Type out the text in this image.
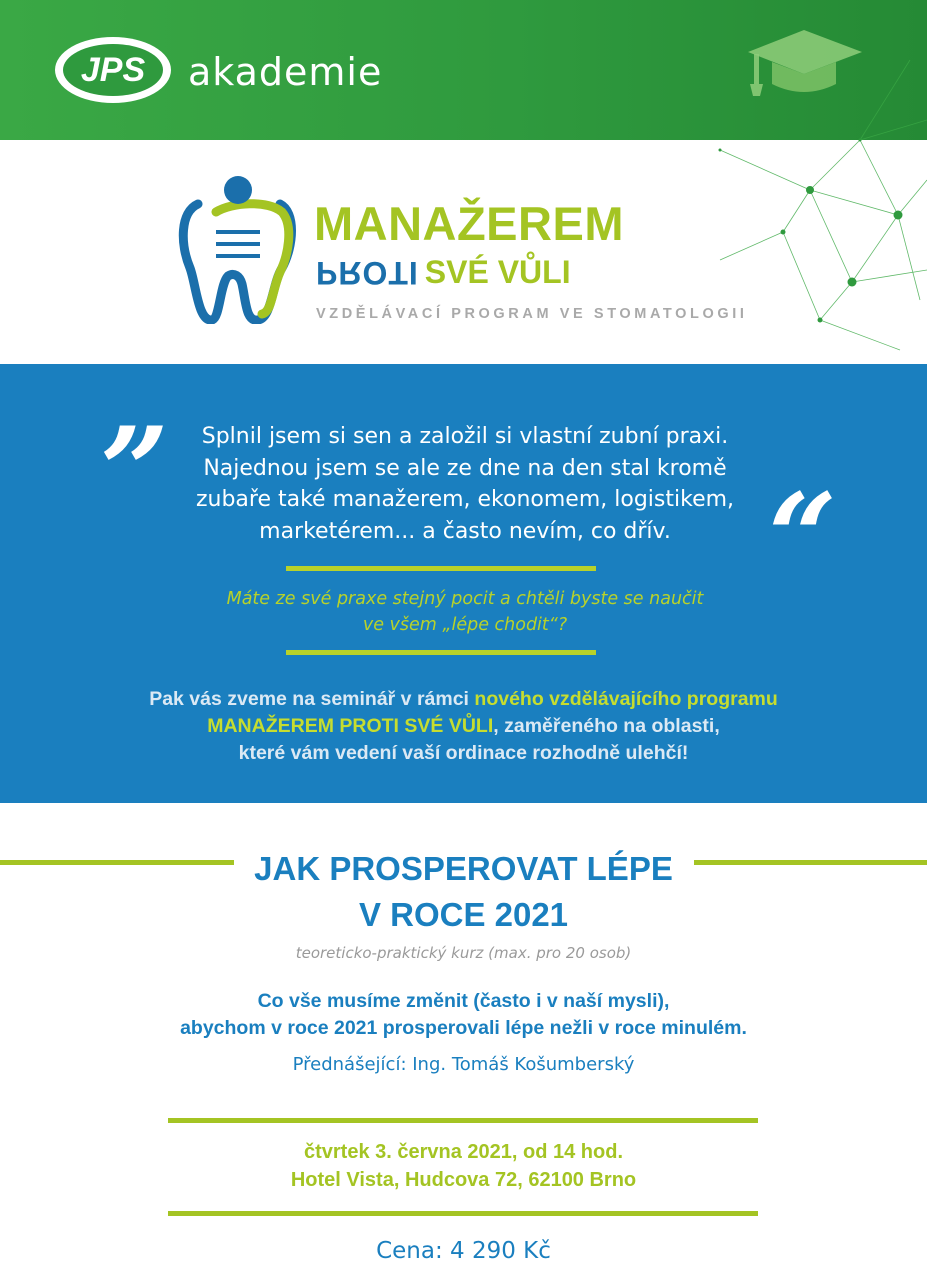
JPS akademie
MANAŽEREM
PROTI SVÉ VŮLI
VZDĚLÁVACÍ PROGRAM VE STOMATOLOGII
”	“
Splnil jsem si sen a založil si vlastní zubní praxi.
Najednou jsem se ale ze dne na den stal kromě
zubaře také manažerem, ekonomem, logistikem,
marketérem... a často nevím, co dřív.
Máte ze své praxe stejný pocit a chtěli byste se naučit
ve všem „lépe chodit“?
Pak vás zveme na seminář v rámci nového vzdělávajícího programu
MANAŽEREM PROTI SVÉ VŮLI, zaměřeného na oblasti,
které vám vedení vaší ordinace rozhodně ulehčí!
JAK PROSPEROVAT LÉPE
V ROCE 2021
teoreticko-praktický kurz (max. pro 20 osob)
Co vše musíme změnit (často i v naší mysli),
abychom v roce 2021 prosperovali lépe nežli v roce minulém.
Přednášející: Ing. Tomáš Košumberský
čtvrtek 3. června 2021, od 14 hod.
Hotel Vista, Hudcova 72, 62100 Brno
Cena: 4 290 Kč
